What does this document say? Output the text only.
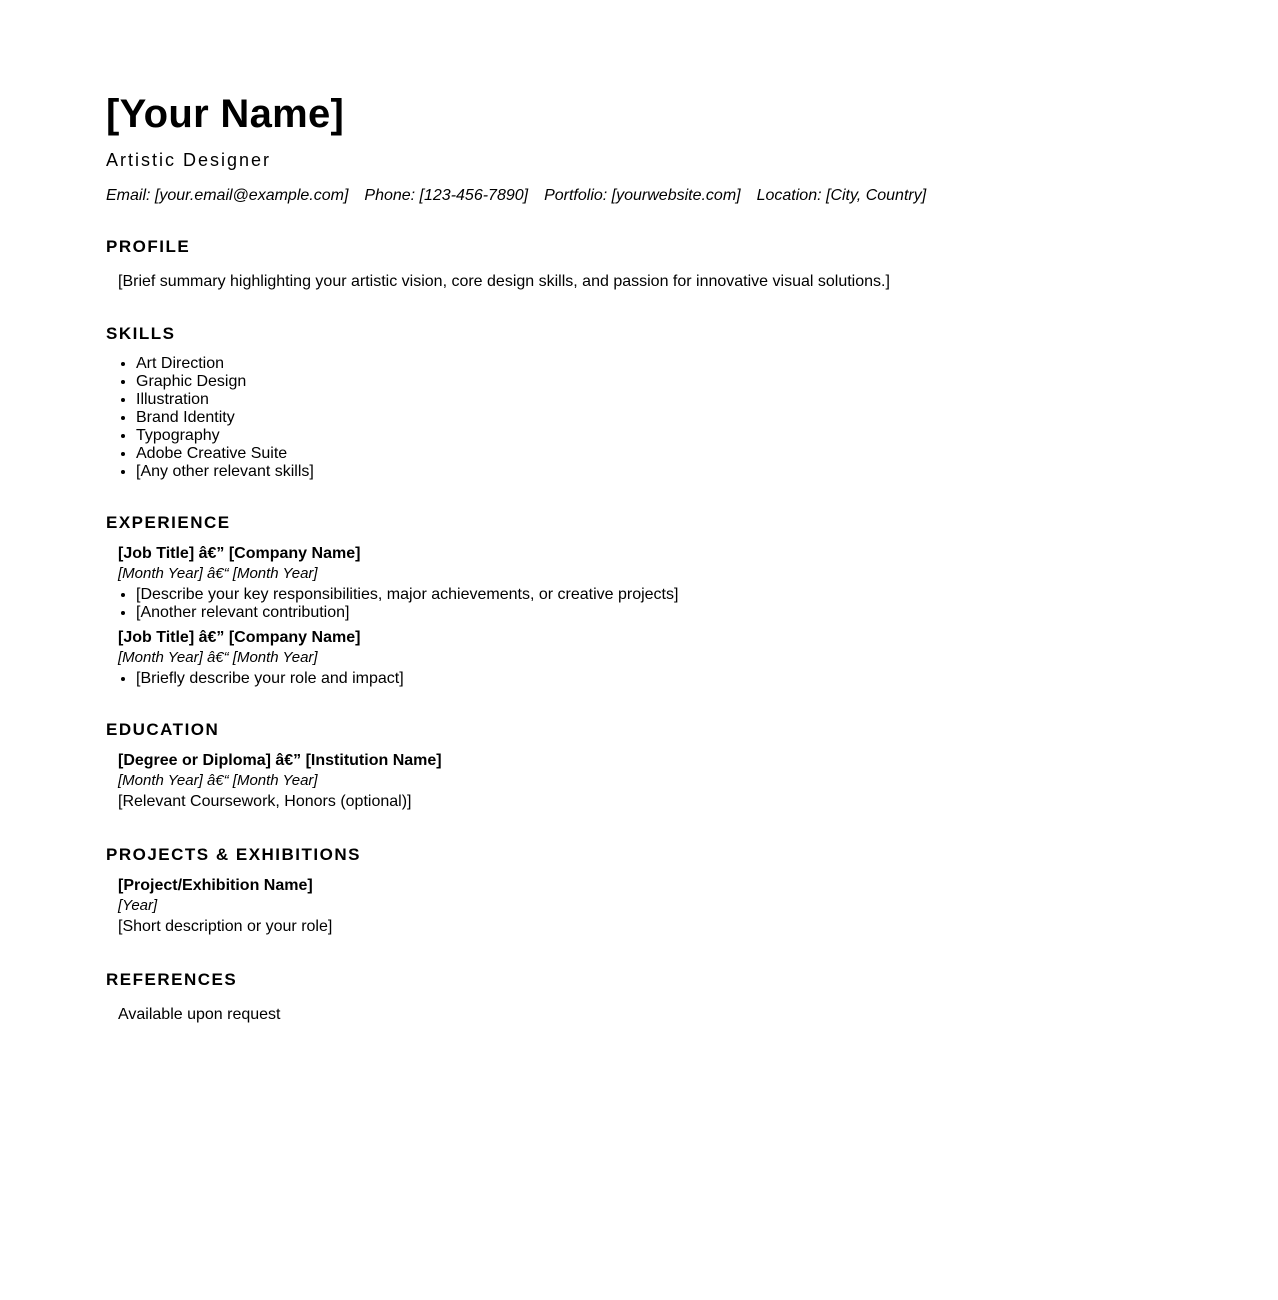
[Your Name]
Artistic Designer
Email: [your.email@example.com] Phone: [123-456-7890] Portfolio: [yourwebsite.com] Location: [City, Country]
PROFILE

[Brief summary highlighting your artistic vision, core design skills, and passion for innovative visual solutions.]

SKILLS
• Art Direction
• Graphic Design
• Illustration
• Brand Identity
• Typography
• Adobe Creative Suite
• [Any other relevant skills]
EXPERIENCE
[Job Title] â€” [Company Name]
[Month Year] â€“ [Month Year]
• [Describe your key responsibilities, major achievements, or creative projects]
• [Another relevant contribution]
[Job Title] â€” [Company Name]
[Month Year] â€“ [Month Year]
• [Briefly describe your role and impact]
EDUCATION
[Degree or Diploma] â€” [Institution Name]
[Month Year] â€“ [Month Year]
[Relevant Coursework, Honors (optional)]
PROJECTS & EXHIBITIONS
[Project/Exhibition Name]
[Year]
[Short description or your role]
REFERENCES

Available upon request
